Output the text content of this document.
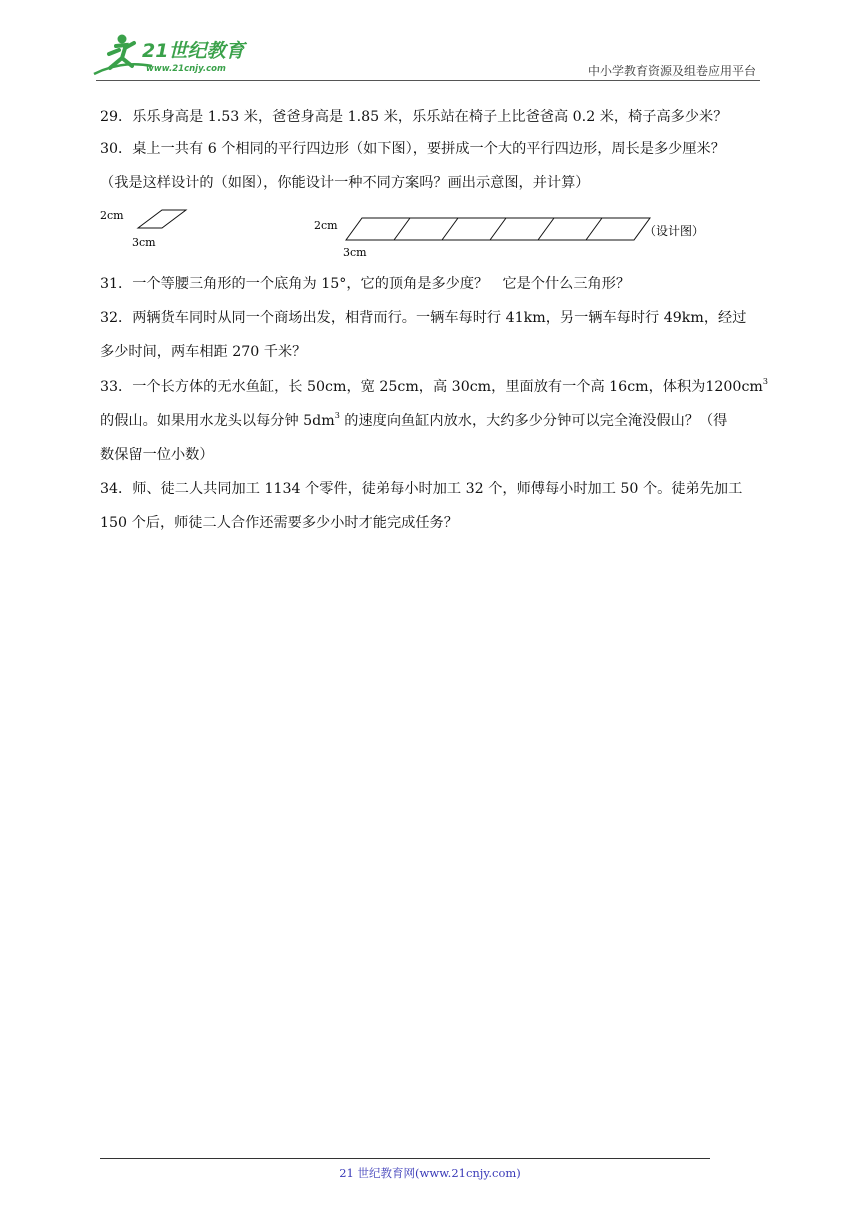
21世纪教育
www.21cnjy.com	中小学教育资源及组卷应用平台
29．乐乐身高是 1.53 米，爸爸身高是 1.85 米，乐乐站在椅子上比爸爸高 0.2 米，椅子高多少米？
30．桌上一共有 6 个相同的平行四边形（如下图），要拼成一个大的平行四边形，周长是多少厘米？
（我是这样设计的（如图），你能设计一种不同方案吗？画出示意图，并计算）
2cm
3cm
2cm
3cm
（设计图）
31．一个等腰三角形的一个底角为 15°，它的顶角是多少度？　它是个什么三角形？
32．两辆货车同时从同一个商场出发，相背而行。一辆车每时行 41km，另一辆车每时行 49km，经过
多少时间，两车相距 270 千米？
33．一个长方体的无水鱼缸，长 50cm，宽 25cm，高 30cm，里面放有一个高 16cm，体积为$1200cm^3$
的假山。如果用水龙头以每分钟 $5dm^3$ 的速度向鱼缸内放水，大约多少分钟可以完全淹没假山？（得
数保留一位小数）
34．师、徒二人共同加工 1134 个零件，徒弟每小时加工 32 个，师傅每小时加工 50 个。徒弟先加工
150 个后，师徒二人合作还需要多少小时才能完成任务？
21 世纪教育网(www.21cnjy.com)
